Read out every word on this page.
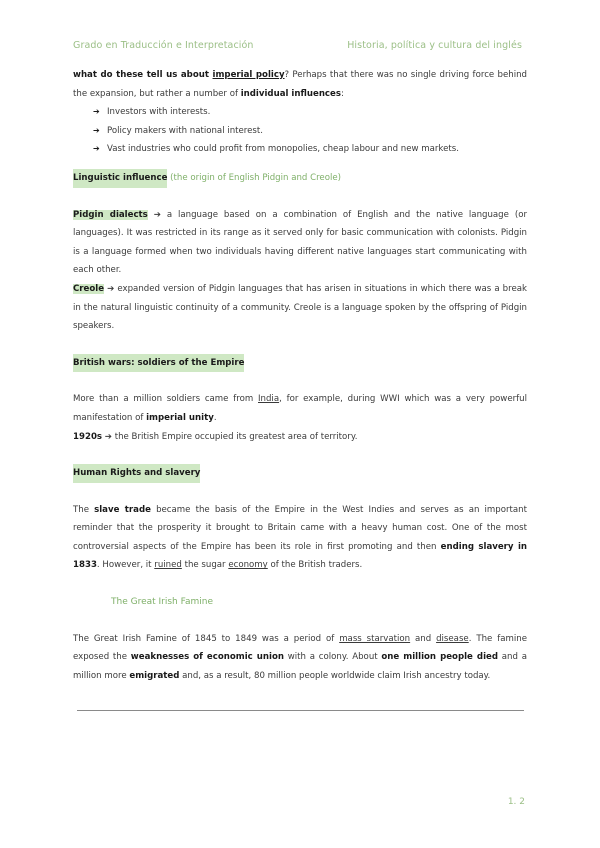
Grado en Traducción e Interpretación	Historia, política y cultura del inglés

what do these tell us about imperial policy? Perhaps that there was no single driving force behind the expansion, but rather a number of individual influences:

➔ Investors with interests.
➔ Policy makers with national interest.
➔ Vast industries who could profit from monopolies, cheap labour and new markets.

Linguistic influence (the origin of English Pidgin and Creole)

Pidgin dialects ➔ a language based on a combination of English and the native language (or languages). It was restricted in its range as it served only for basic communication with colonists. Pidgin is a language formed when two individuals having different native languages start communicating with each other.

Creole ➔ expanded version of Pidgin languages that has arisen in situations in which there was a break in the natural linguistic continuity of a community. Creole is a language spoken by the offspring of Pidgin speakers.

British wars: soldiers of the Empire

More than a million soldiers came from India, for example, during WWI which was a very powerful manifestation of imperial unity.

1920s ➔ the British Empire occupied its greatest area of territory.

Human Rights and slavery

The slave trade became the basis of the Empire in the West Indies and serves as an important reminder that the prosperity it brought to Britain came with a heavy human cost. One of the most controversial aspects of the Empire has been its role in first promoting and then ending slavery in 1833. However, it ruined the sugar economy of the British traders.

The Great Irish Famine

The Great Irish Famine of 1845 to 1849 was a period of mass starvation and disease. The famine exposed the weaknesses of economic union with a colony. About one million people died and a million more emigrated and, as a result, 80 million people worldwide claim Irish ancestry today.

1. 2
